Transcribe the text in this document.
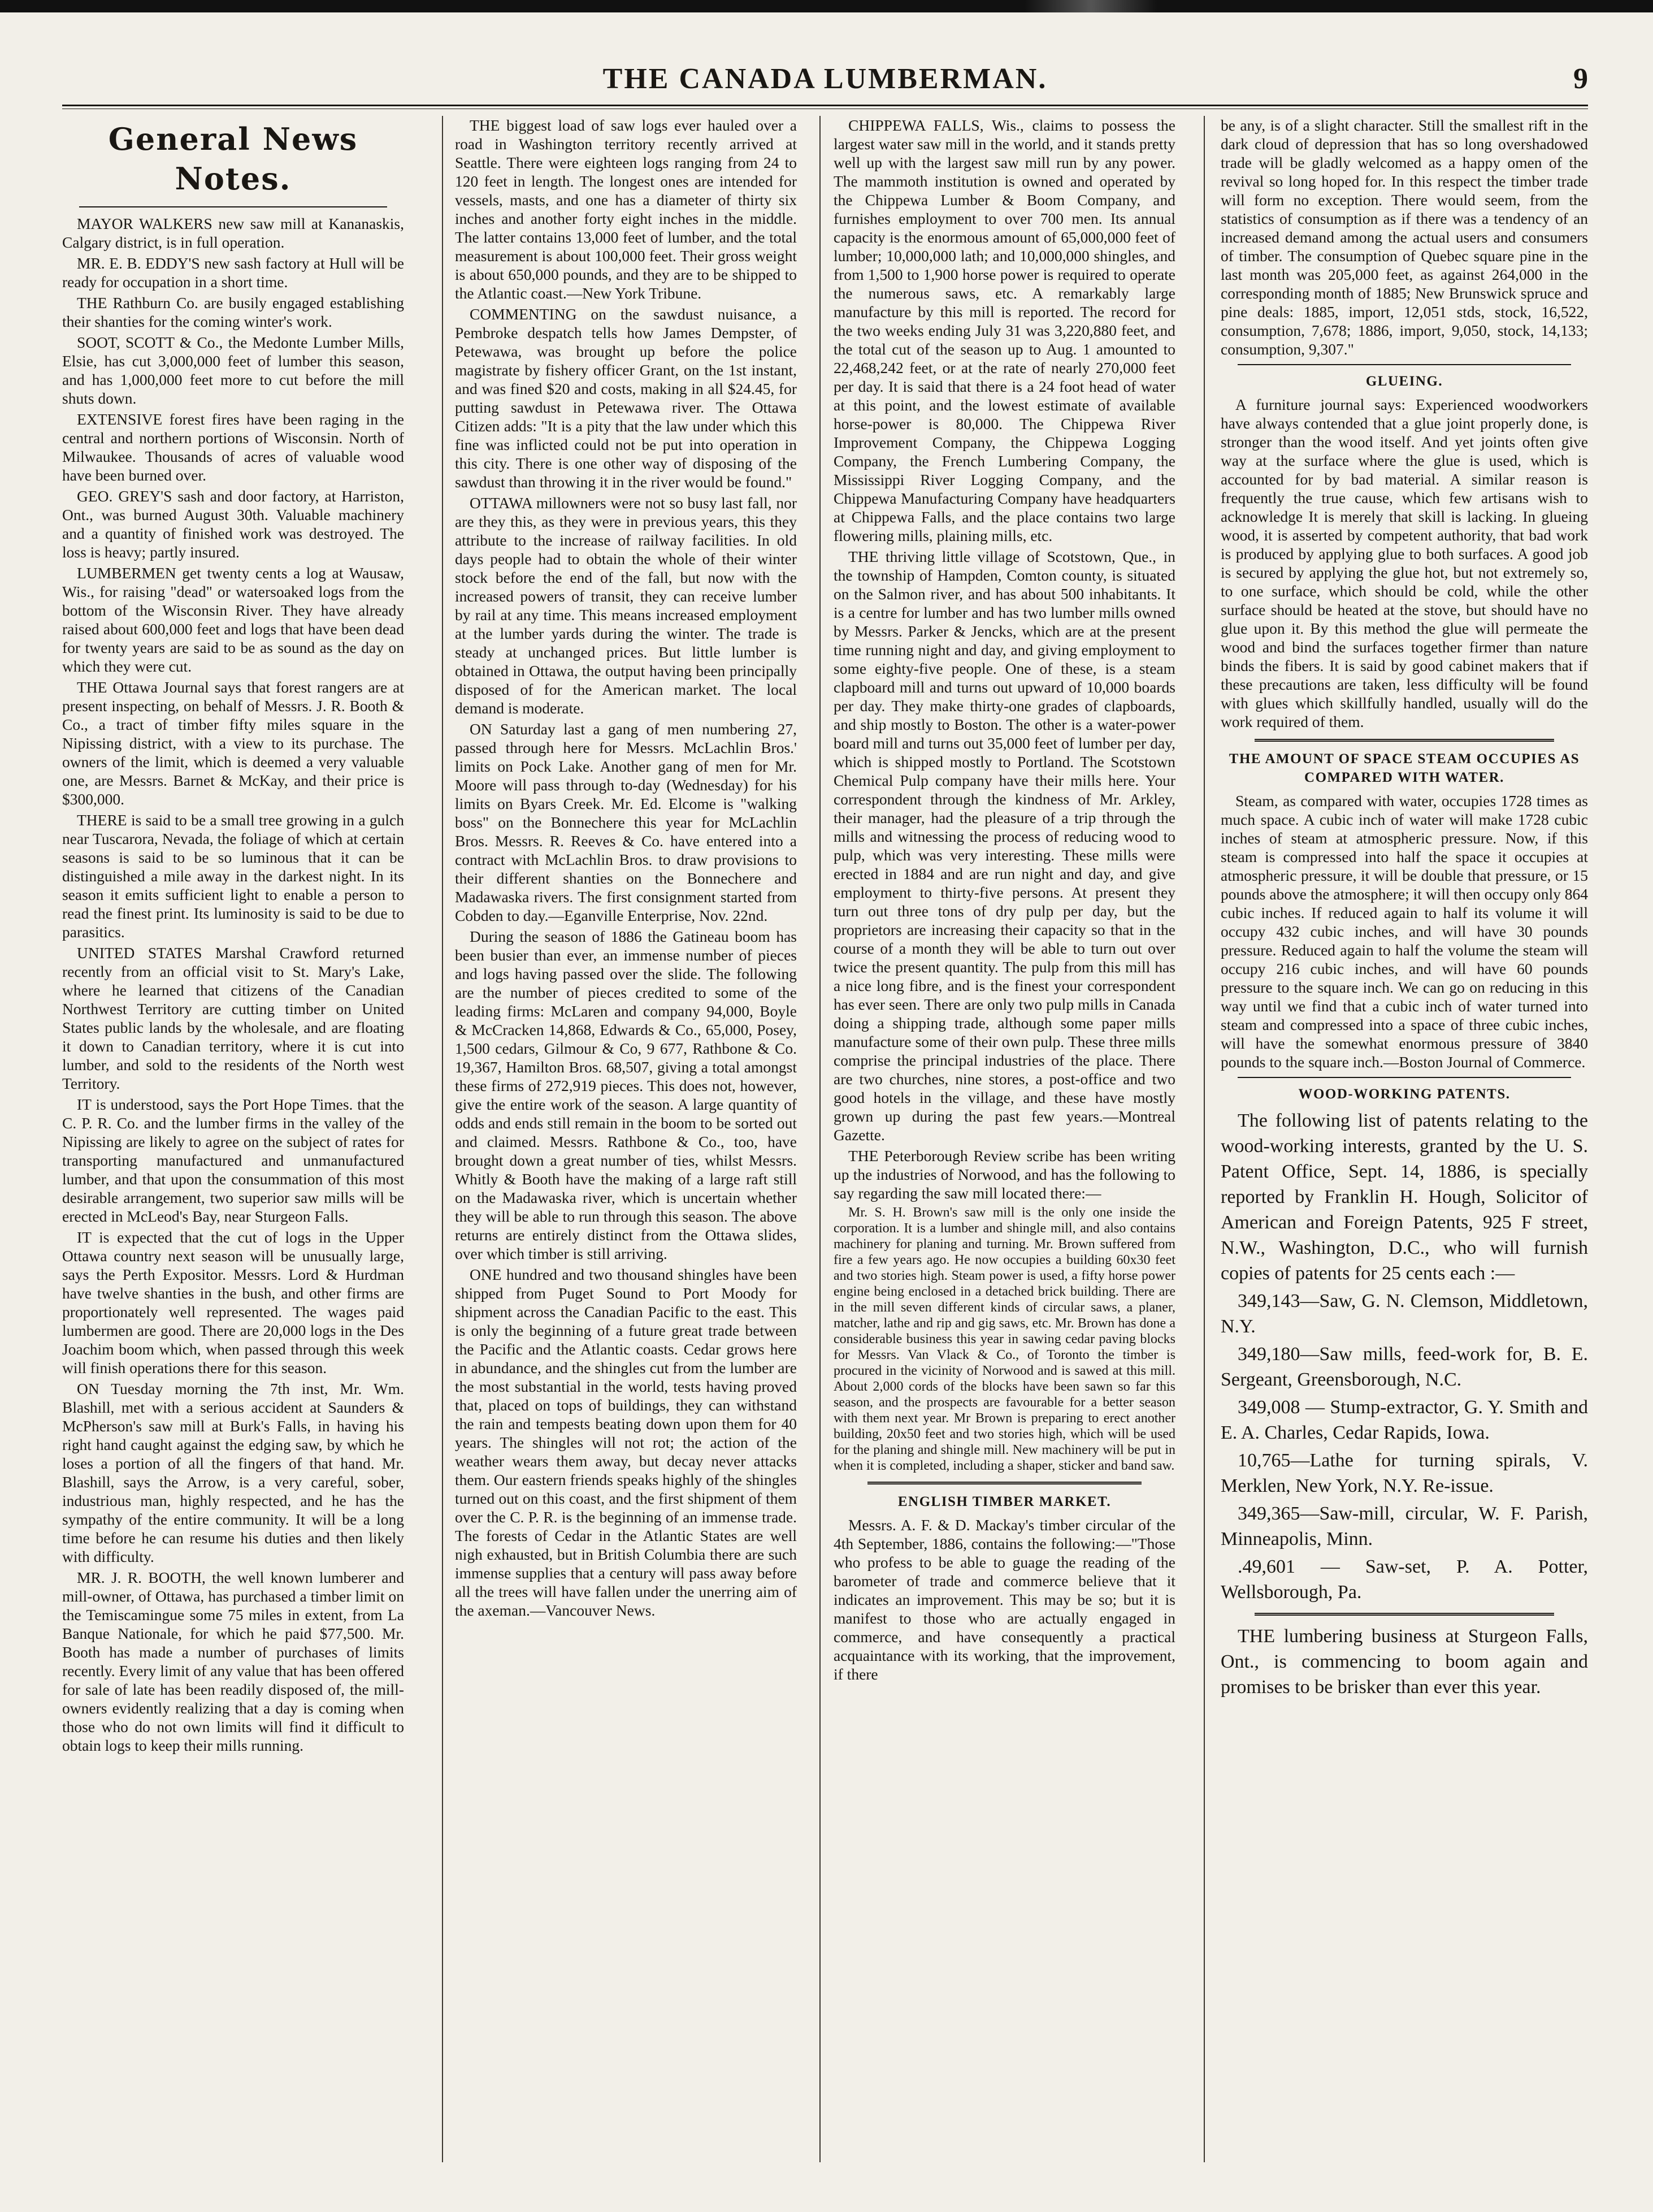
THE CANADA LUMBERMAN.	9
General News Notes.

MAYOR WALKERS new saw mill at Kananaskis, Calgary district, is in full operation.

MR. E. B. EDDY'S new sash factory at Hull will be ready for occupation in a short time.

THE Rathburn Co. are busily engaged establishing their shanties for the coming winter's work.

SOOT, SCOTT & Co., the Medonte Lumber Mills, Elsie, has cut 3,000,000 feet of lumber this season, and has 1,000,000 feet more to cut before the mill shuts down.

EXTENSIVE forest fires have been raging in the central and northern portions of Wisconsin. North of Milwaukee. Thousands of acres of valuable wood have been burned over.

GEO. GREY'S sash and door factory, at Harriston, Ont., was burned August 30th. Valuable machinery and a quantity of finished work was destroyed. The loss is heavy; partly insured.

LUMBERMEN get twenty cents a log at Wausaw, Wis., for raising "dead" or watersoaked logs from the bottom of the Wisconsin River. They have already raised about 600,000 feet and logs that have been dead for twenty years are said to be as sound as the day on which they were cut.

THE Ottawa Journal says that forest rangers are at present inspecting, on behalf of Messrs. J. R. Booth & Co., a tract of timber fifty miles square in the Nipissing district, with a view to its purchase. The owners of the limit, which is deemed a very valuable one, are Messrs. Barnet & McKay, and their price is $300,000.

THERE is said to be a small tree growing in a gulch near Tuscarora, Nevada, the foliage of which at certain seasons is said to be so luminous that it can be distinguished a mile away in the darkest night. In its season it emits sufficient light to enable a person to read the finest print. Its luminosity is said to be due to parasitics.

UNITED STATES Marshal Crawford returned recently from an official visit to St. Mary's Lake, where he learned that citizens of the Canadian Northwest Territory are cutting timber on United States public lands by the wholesale, and are floating it down to Canadian territory, where it is cut into lumber, and sold to the residents of the North west Territory.

IT is understood, says the Port Hope Times. that the C. P. R. Co. and the lumber firms in the valley of the Nipissing are likely to agree on the subject of rates for transporting manufactured and unmanufactured lumber, and that upon the consummation of this most desirable arrangement, two superior saw mills will be erected in McLeod's Bay, near Sturgeon Falls.

IT is expected that the cut of logs in the Upper Ottawa country next season will be unusually large, says the Perth Expositor. Messrs. Lord & Hurdman have twelve shanties in the bush, and other firms are proportionately well represented. The wages paid lumbermen are good. There are 20,000 logs in the Des Joachim boom which, when passed through this week will finish operations there for this season.

ON Tuesday morning the 7th inst, Mr. Wm. Blashill, met with a serious accident at Saunders & McPherson's saw mill at Burk's Falls, in having his right hand caught against the edging saw, by which he loses a portion of all the fingers of that hand. Mr. Blashill, says the Arrow, is a very careful, sober, industrious man, highly respected, and he has the sympathy of the entire community. It will be a long time before he can resume his duties and then likely with difficulty.

MR. J. R. BOOTH, the well known lumberer and mill-owner, of Ottawa, has purchased a timber limit on the Temiscamingue some 75 miles in extent, from La Banque Nationale, for which he paid $77,500. Mr. Booth has made a number of purchases of limits recently. Every limit of any value that has been offered for sale of late has been readily disposed of, the mill-owners evidently realizing that a day is coming when those who do not own limits will find it difficult to obtain logs to keep their mills running.

THE biggest load of saw logs ever hauled over a road in Washington territory recently arrived at Seattle. There were eighteen logs ranging from 24 to 120 feet in length. The longest ones are intended for vessels, masts, and one has a diameter of thirty six inches and another forty eight inches in the middle. The latter contains 13,000 feet of lumber, and the total measurement is about 100,000 feet. Their gross weight is about 650,000 pounds, and they are to be shipped to the Atlantic coast.—New York Tribune.

COMMENTING on the sawdust nuisance, a Pembroke despatch tells how James Dempster, of Petewawa, was brought up before the police magistrate by fishery officer Grant, on the 1st instant, and was fined $20 and costs, making in all $24.45, for putting sawdust in Petewawa river. The Ottawa Citizen adds: "It is a pity that the law under which this fine was inflicted could not be put into operation in this city. There is one other way of disposing of the sawdust than throwing it in the river would be found."

OTTAWA millowners were not so busy last fall, nor are they this, as they were in previous years, this they attribute to the increase of railway facilities. In old days people had to obtain the whole of their winter stock before the end of the fall, but now with the increased powers of transit, they can receive lumber by rail at any time. This means increased employment at the lumber yards during the winter. The trade is steady at unchanged prices. But little lumber is obtained in Ottawa, the output having been principally disposed of for the American market. The local demand is moderate.

ON Saturday last a gang of men numbering 27, passed through here for Messrs. McLachlin Bros.' limits on Pock Lake. Another gang of men for Mr. Moore will pass through to-day (Wednesday) for his limits on Byars Creek. Mr. Ed. Elcome is "walking boss" on the Bonnechere this year for McLachlin Bros. Messrs. R. Reeves & Co. have entered into a contract with McLachlin Bros. to draw provisions to their different shanties on the Bonnechere and Madawaska rivers. The first consignment started from Cobden to day.—Eganville Enterprise, Nov. 22nd.

During the season of 1886 the Gatineau boom has been busier than ever, an immense number of pieces and logs having passed over the slide. The following are the number of pieces credited to some of the leading firms: McLaren and company 94,000, Boyle & McCracken 14,868, Edwards & Co., 65,000, Posey, 1,500 cedars, Gilmour & Co, 9 677, Rathbone & Co. 19,367, Hamilton Bros. 68,507, giving a total amongst these firms of 272,919 pieces. This does not, however, give the entire work of the season. A large quantity of odds and ends still remain in the boom to be sorted out and claimed. Messrs. Rathbone & Co., too, have brought down a great number of ties, whilst Messrs. Whitly & Booth have the making of a large raft still on the Madawaska river, which is uncertain whether they will be able to run through this season. The above returns are entirely distinct from the Ottawa slides, over which timber is still arriving.

ONE hundred and two thousand shingles have been shipped from Puget Sound to Port Moody for shipment across the Canadian Pacific to the east. This is only the beginning of a future great trade between the Pacific and the Atlantic coasts. Cedar grows here in abundance, and the shingles cut from the lumber are the most substantial in the world, tests having proved that, placed on tops of buildings, they can withstand the rain and tempests beating down upon them for 40 years. The shingles will not rot; the action of the weather wears them away, but decay never attacks them. Our eastern friends speaks highly of the shingles turned out on this coast, and the first shipment of them over the C. P. R. is the beginning of an immense trade. The forests of Cedar in the Atlantic States are well nigh exhausted, but in British Columbia there are such immense supplies that a century will pass away before all the trees will have fallen under the unerring aim of the axeman.—Vancouver News.

CHIPPEWA FALLS, Wis., claims to possess the largest water saw mill in the world, and it stands pretty well up with the largest saw mill run by any power. The mammoth institution is owned and operated by the Chippewa Lumber & Boom Company, and furnishes employment to over 700 men. Its annual capacity is the enormous amount of 65,000,000 feet of lumber; 10,000,000 lath; and 10,000,000 shingles, and from 1,500 to 1,900 horse power is required to operate the numerous saws, etc. A remarkably large manufacture by this mill is reported. The record for the two weeks ending July 31 was 3,220,880 feet, and the total cut of the season up to Aug. 1 amounted to 22,468,242 feet, or at the rate of nearly 270,000 feet per day. It is said that there is a 24 foot head of water at this point, and the lowest estimate of available horse-power is 80,000. The Chippewa River Improvement Company, the Chippewa Logging Company, the French Lumbering Company, the Mississippi River Logging Company, and the Chippewa Manufacturing Company have headquarters at Chippewa Falls, and the place contains two large flowering mills, plaining mills, etc.

THE thriving little village of Scotstown, Que., in the township of Hampden, Comton county, is situated on the Salmon river, and has about 500 inhabitants. It is a centre for lumber and has two lumber mills owned by Messrs. Parker & Jencks, which are at the present time running night and day, and giving employment to some eighty-five people. One of these, is a steam clapboard mill and turns out upward of 10,000 boards per day. They make thirty-one grades of clapboards, and ship mostly to Boston. The other is a water-power board mill and turns out 35,000 feet of lumber per day, which is shipped mostly to Portland. The Scotstown Chemical Pulp company have their mills here. Your correspondent through the kindness of Mr. Arkley, their manager, had the pleasure of a trip through the mills and witnessing the process of reducing wood to pulp, which was very interesting. These mills were erected in 1884 and are run night and day, and give employment to thirty-five persons. At present they turn out three tons of dry pulp per day, but the proprietors are increasing their capacity so that in the course of a month they will be able to turn out over twice the present quantity. The pulp from this mill has a nice long fibre, and is the finest your correspondent has ever seen. There are only two pulp mills in Canada doing a shipping trade, although some paper mills manufacture some of their own pulp. These three mills comprise the principal industries of the place. There are two churches, nine stores, a post-office and two good hotels in the village, and these have mostly grown up during the past few years.—Montreal Gazette.

THE Peterborough Review scribe has been writing up the industries of Norwood, and has the following to say regarding the saw mill located there:—

Mr. S. H. Brown's saw mill is the only one inside the corporation. It is a lumber and shingle mill, and also contains machinery for planing and turning. Mr. Brown suffered from fire a few years ago. He now occupies a building 60x30 feet and two stories high. Steam power is used, a fifty horse power engine being enclosed in a detached brick building. There are in the mill seven different kinds of circular saws, a planer, matcher, lathe and rip and gig saws, etc. Mr. Brown has done a considerable business this year in sawing cedar paving blocks for Messrs. Van Vlack & Co., of Toronto the timber is procured in the vicinity of Norwood and is sawed at this mill. About 2,000 cords of the blocks have been sawn so far this season, and the prospects are favourable for a better season with them next year. Mr Brown is preparing to erect another building, 20x50 feet and two stories high, which will be used for the planing and shingle mill. New machinery will be put in when it is completed, including a shaper, sticker and band saw.

ENGLISH TIMBER MARKET.

Messrs. A. F. & D. Mackay's timber circular of the 4th September, 1886, contains the following:—"Those who profess to be able to guage the reading of the barometer of trade and commerce believe that it indicates an improvement. This may be so; but it is manifest to those who are actually engaged in commerce, and have consequently a practical acquaintance with its working, that the improvement, if there

be any, is of a slight character. Still the smallest rift in the dark cloud of depression that has so long overshadowed trade will be gladly welcomed as a happy omen of the revival so long hoped for. In this respect the timber trade will form no exception. There would seem, from the statistics of consumption as if there was a tendency of an increased demand among the actual users and consumers of timber. The consumption of Quebec square pine in the last month was 205,000 feet, as against 264,000 in the corresponding month of 1885; New Brunswick spruce and pine deals: 1885, import, 12,051 stds, stock, 16,522, consumption, 7,678; 1886, import, 9,050, stock, 14,133; consumption, 9,307."

GLUEING.

A furniture journal says: Experienced woodworkers have always contended that a glue joint properly done, is stronger than the wood itself. And yet joints often give way at the surface where the glue is used, which is accounted for by bad material. A similar reason is frequently the true cause, which few artisans wish to acknowledge It is merely that skill is lacking. In glueing wood, it is asserted by competent authority, that bad work is produced by applying glue to both surfaces. A good job is secured by applying the glue hot, but not extremely so, to one surface, which should be cold, while the other surface should be heated at the stove, but should have no glue upon it. By this method the glue will permeate the wood and bind the surfaces together firmer than nature binds the fibers. It is said by good cabinet makers that if these precautions are taken, less difficulty will be found with glues which skillfully handled, usually will do the work required of them.

THE AMOUNT OF SPACE STEAM OCCUPIES AS COMPARED WITH WATER.

Steam, as compared with water, occupies 1728 times as much space. A cubic inch of water will make 1728 cubic inches of steam at atmospheric pressure. Now, if this steam is compressed into half the space it occupies at atmospheric pressure, it will be double that pressure, or 15 pounds above the atmosphere; it will then occupy only 864 cubic inches. If reduced again to half its volume it will occupy 432 cubic inches, and will have 30 pounds pressure. Reduced again to half the volume the steam will occupy 216 cubic inches, and will have 60 pounds pressure to the square inch. We can go on reducing in this way until we find that a cubic inch of water turned into steam and compressed into a space of three cubic inches, will have the somewhat enormous pressure of 3840 pounds to the square inch.—Boston Journal of Commerce.

WOOD-WORKING PATENTS.

The following list of patents relating to the wood-working interests, granted by the U. S. Patent Office, Sept. 14, 1886, is specially reported by Franklin H. Hough, Solicitor of American and Foreign Patents, 925 F street, N.W., Washington, D.C., who will furnish copies of patents for 25 cents each :—

349,143—Saw, G. N. Clemson, Middletown, N.Y.

349,180—Saw mills, feed-work for, B. E. Sergeant, Greensborough, N.C.

349,008 — Stump-extractor, G. Y. Smith and E. A. Charles, Cedar Rapids, Iowa.

10,765—Lathe for turning spirals, V. Merklen, New York, N.Y. Re-issue.

349,365—Saw-mill, circular, W. F. Parish, Minneapolis, Minn.

.49,601 — Saw-set, P. A. Potter, Wellsborough, Pa.

THE lumbering business at Sturgeon Falls, Ont., is commencing to boom again and promises to be brisker than ever this year.
